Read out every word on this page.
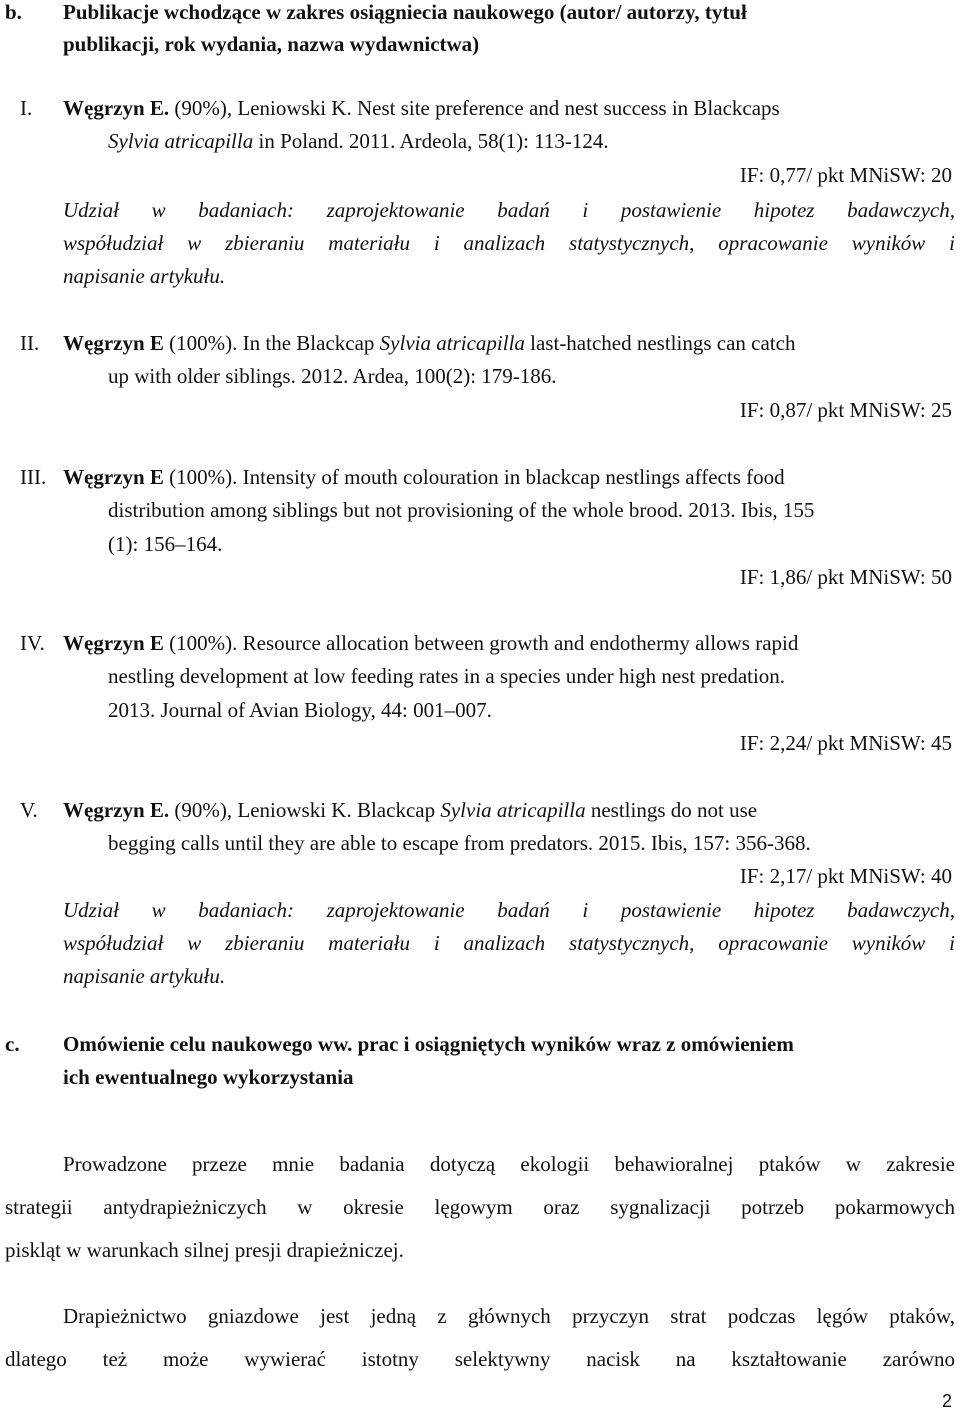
b. Publikacje wchodzące w zakres osiągniecia naukowego (autor/ autorzy, tytuł
publikacji, rok wydania, nazwa wydawnictwa)
I. Węgrzyn E. (90%), Leniowski K. Nest site preference and nest success in Blackcaps
Sylvia atricapilla in Poland. 2011. Ardeola, 58(1): 113-124.
IF: 0,77/ pkt MNiSW: 20
Udział w badaniach: zaprojektowanie badań i postawienie hipotez badawczych,
współudział w zbieraniu materiału i analizach statystycznych, opracowanie wyników i
napisanie artykułu.
II. Węgrzyn E (100%). In the Blackcap Sylvia atricapilla last-hatched nestlings can catch
up with older siblings. 2012. Ardea, 100(2): 179-186.
IF: 0,87/ pkt MNiSW: 25
III. Węgrzyn E (100%). Intensity of mouth colouration in blackcap nestlings affects food
distribution among siblings but not provisioning of the whole brood. 2013. Ibis, 155
(1): 156–164.
IF: 1,86/ pkt MNiSW: 50
IV. Węgrzyn E (100%). Resource allocation between growth and endothermy allows rapid
nestling development at low feeding rates in a species under high nest predation.
2013. Journal of Avian Biology, 44: 001–007.
IF: 2,24/ pkt MNiSW: 45
V. Węgrzyn E. (90%), Leniowski K. Blackcap Sylvia atricapilla nestlings do not use
begging calls until they are able to escape from predators. 2015. Ibis, 157: 356-368.
IF: 2,17/ pkt MNiSW: 40
Udział w badaniach: zaprojektowanie badań i postawienie hipotez badawczych,
współudział w zbieraniu materiału i analizach statystycznych, opracowanie wyników i
napisanie artykułu.
c. Omówienie celu naukowego ww. prac i osiągniętych wyników wraz z omówieniem
ich ewentualnego wykorzystania
Prowadzone przeze mnie badania dotyczą ekologii behawioralnej ptaków w zakresie
strategii antydrapieżniczych w okresie lęgowym oraz sygnalizacji potrzeb pokarmowych
piskląt w warunkach silnej presji drapieżniczej.
Drapieżnictwo gniazdowe jest jedną z głównych przyczyn strat podczas lęgów ptaków,
dlatego też może wywierać istotny selektywny nacisk na kształtowanie zarówno
2
